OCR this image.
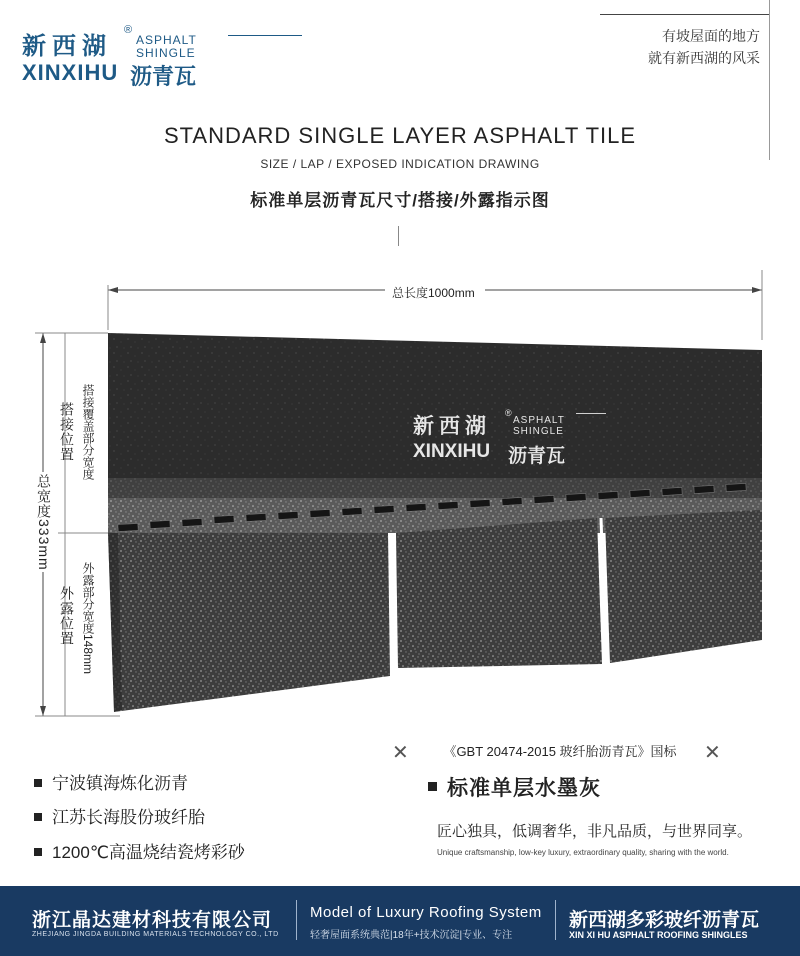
新西湖
®
ASPHALT
SHINGLE
XINXIHU 沥青瓦
有坡屋面的地方
就有新西湖的风采
STANDARD SINGLE LAYER ASPHALT TILE
SIZE / LAP / EXPOSED INDICATION DRAWING
标准单层沥青瓦尺寸/搭接/外露指示图
总长度1000mm
总宽度333mm
搭接位置 搭接覆盖部分宽度
外露位置 外露部分宽度148mm
新西湖 ®
ASPHALT
SHINGLE
XINXIHU 沥青瓦
宁波镇海炼化沥青
江苏长海股份玻纤胎
1200℃高温烧结瓷烤彩砂
✕	✕
《GBT 20474-2015 玻纤胎沥青瓦》国标
标准单层水墨灰
匠心独具，低调奢华，非凡品质，与世界同享。
Unique craftsmanship, low-key luxury, extraordinary quality, sharing with the world.
浙江晶达建材科技有限公司
ZHEJIANG JINGDA BUILDING MATERIALS TECHNOLOGY CO., LTD
Model of Luxury Roofing System
轻奢屋面系统典范|18年+技术沉淀|专业、专注
新西湖多彩玻纤沥青瓦
XIN XI HU ASPHALT ROOFING SHINGLES
